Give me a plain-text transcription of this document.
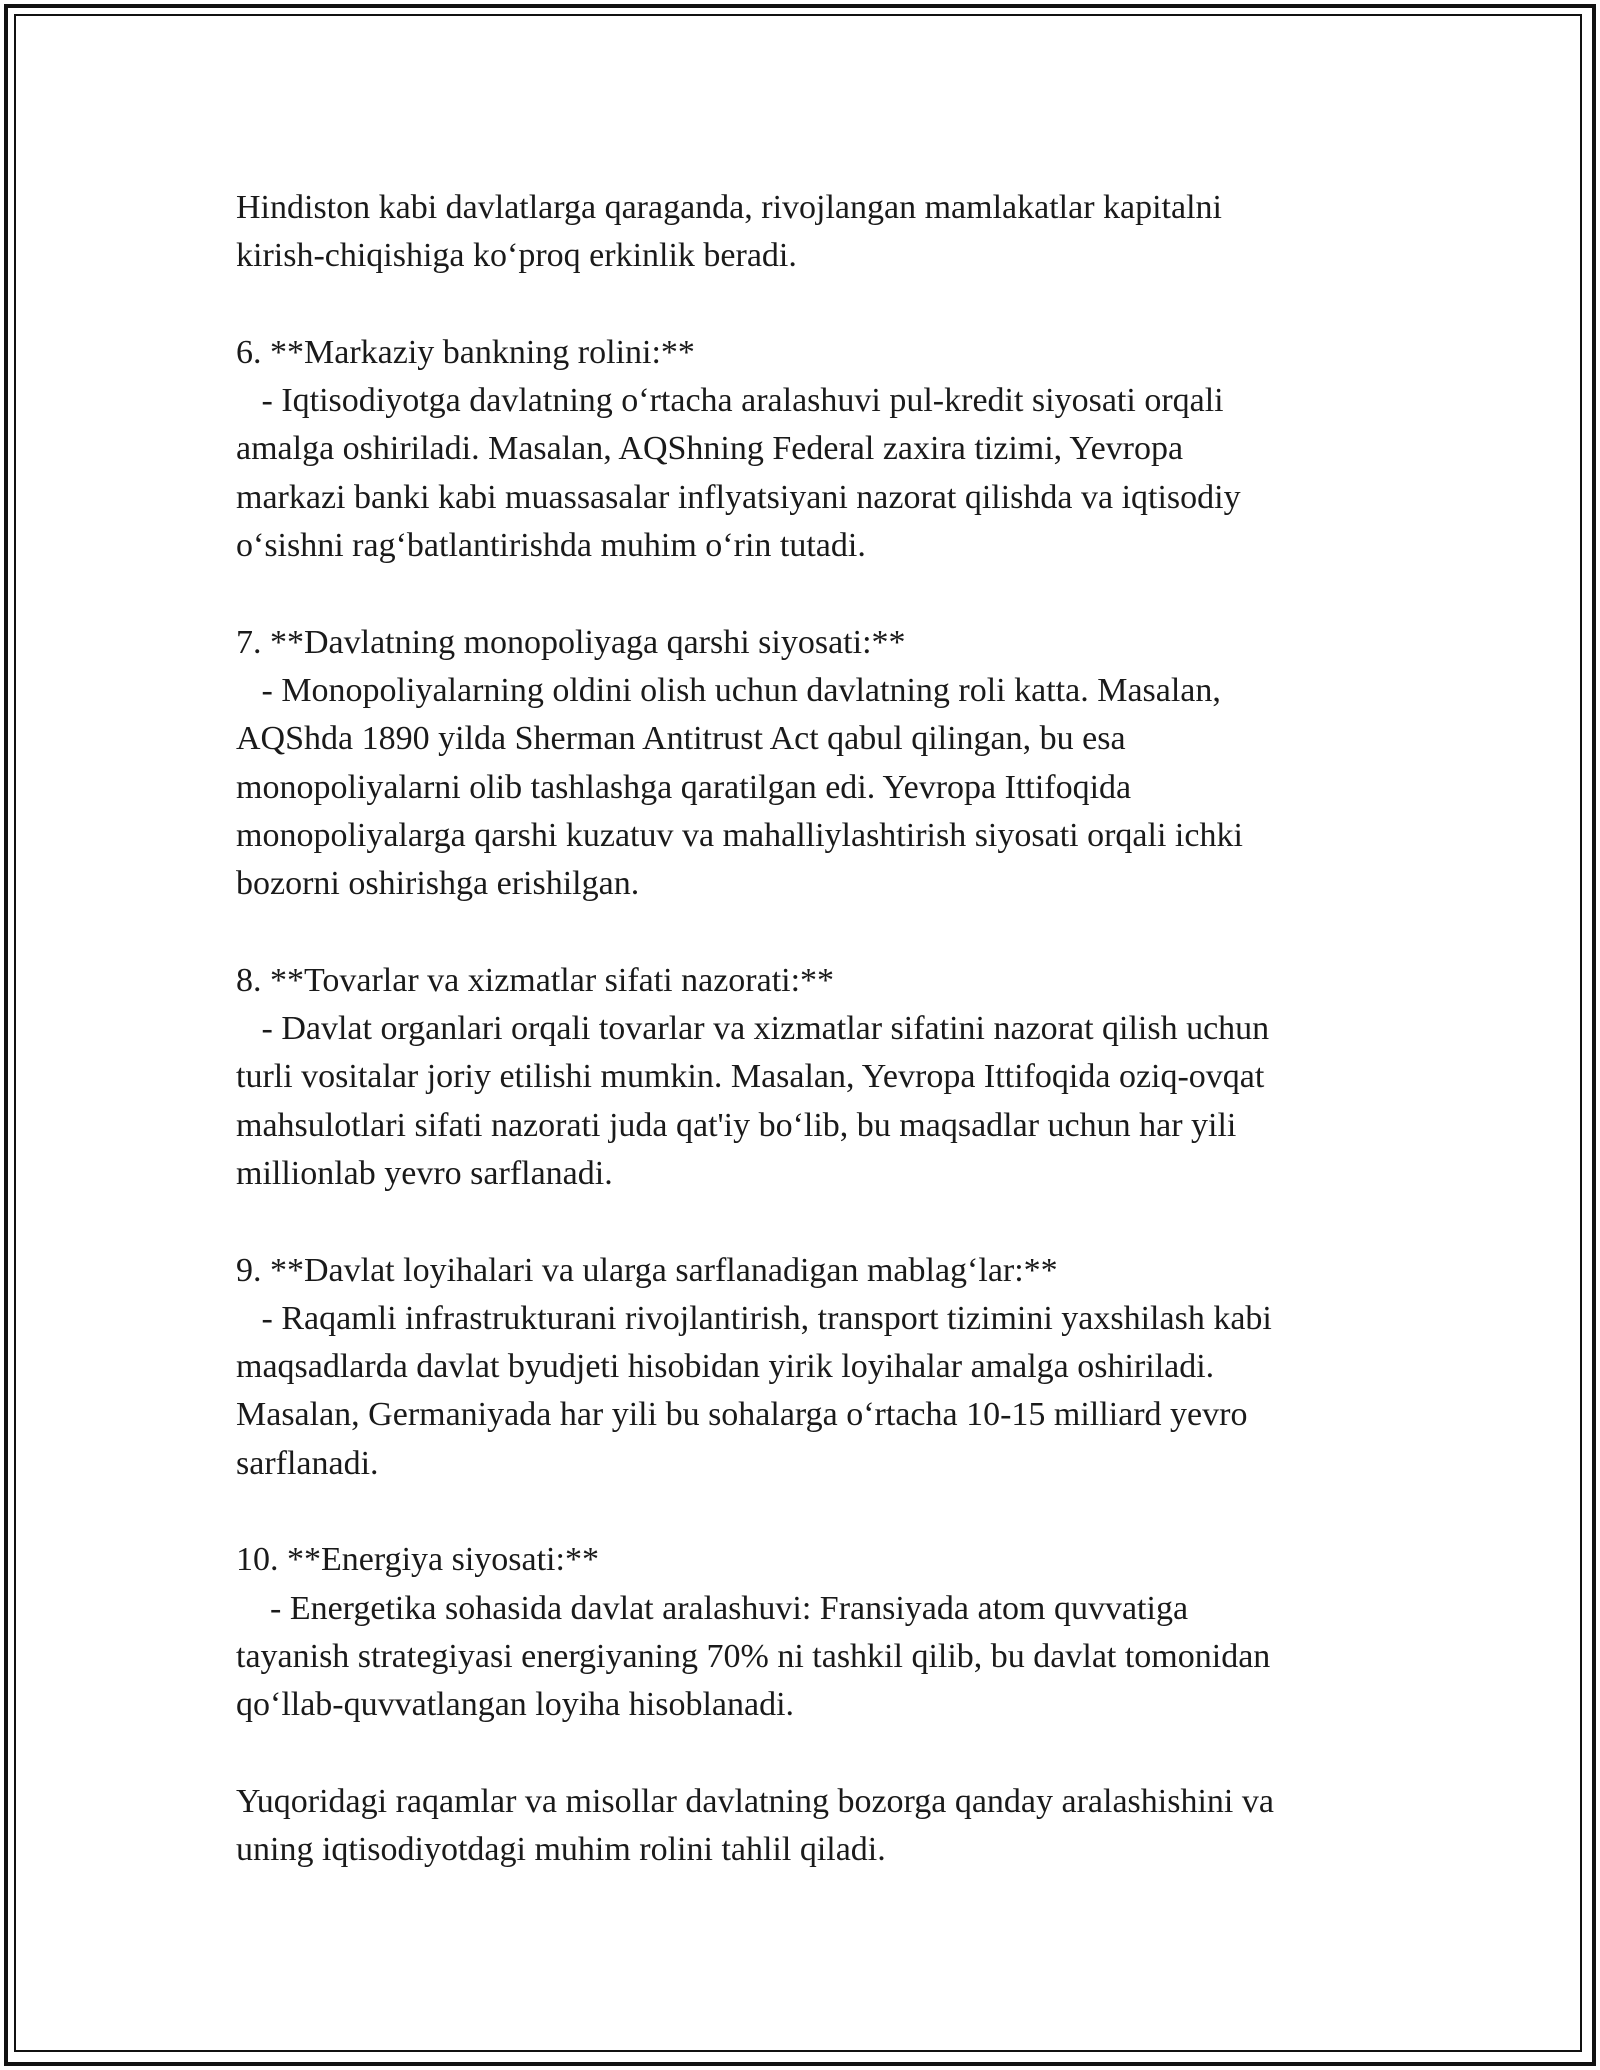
Hindiston kabi davlatlarga qaraganda, rivojlangan mamlakatlar kapitalni
kirish-chiqishiga ko‘proq erkinlik beradi.
6. **Markaziy bankning rolini:**
- Iqtisodiyotga davlatning o‘rtacha aralashuvi pul-kredit siyosati orqali
amalga oshiriladi. Masalan, AQShning Federal zaxira tizimi, Yevropa
markazi banki kabi muassasalar inflyatsiyani nazorat qilishda va iqtisodiy
o‘sishni rag‘batlantirishda muhim o‘rin tutadi.
7. **Davlatning monopoliyaga qarshi siyosati:**
- Monopoliyalarning oldini olish uchun davlatning roli katta. Masalan,
AQShda 1890 yilda Sherman Antitrust Act qabul qilingan, bu esa
monopoliyalarni olib tashlashga qaratilgan edi. Yevropa Ittifoqida
monopoliyalarga qarshi kuzatuv va mahalliylashtirish siyosati orqali ichki
bozorni oshirishga erishilgan.
8. **Tovarlar va xizmatlar sifati nazorati:**
- Davlat organlari orqali tovarlar va xizmatlar sifatini nazorat qilish uchun
turli vositalar joriy etilishi mumkin. Masalan, Yevropa Ittifoqida oziq-ovqat
mahsulotlari sifati nazorati juda qat'iy bo‘lib, bu maqsadlar uchun har yili
millionlab yevro sarflanadi.
9. **Davlat loyihalari va ularga sarflanadigan mablag‘lar:**
- Raqamli infrastrukturani rivojlantirish, transport tizimini yaxshilash kabi
maqsadlarda davlat byudjeti hisobidan yirik loyihalar amalga oshiriladi.
Masalan, Germaniyada har yili bu sohalarga o‘rtacha 10-15 milliard yevro
sarflanadi.
10. **Energiya siyosati:**
- Energetika sohasida davlat aralashuvi: Fransiyada atom quvvatiga
tayanish strategiyasi energiyaning 70% ni tashkil qilib, bu davlat tomonidan
qo‘llab-quvvatlangan loyiha hisoblanadi.
Yuqoridagi raqamlar va misollar davlatning bozorga qanday aralashishini va
uning iqtisodiyotdagi muhim rolini tahlil qiladi.
